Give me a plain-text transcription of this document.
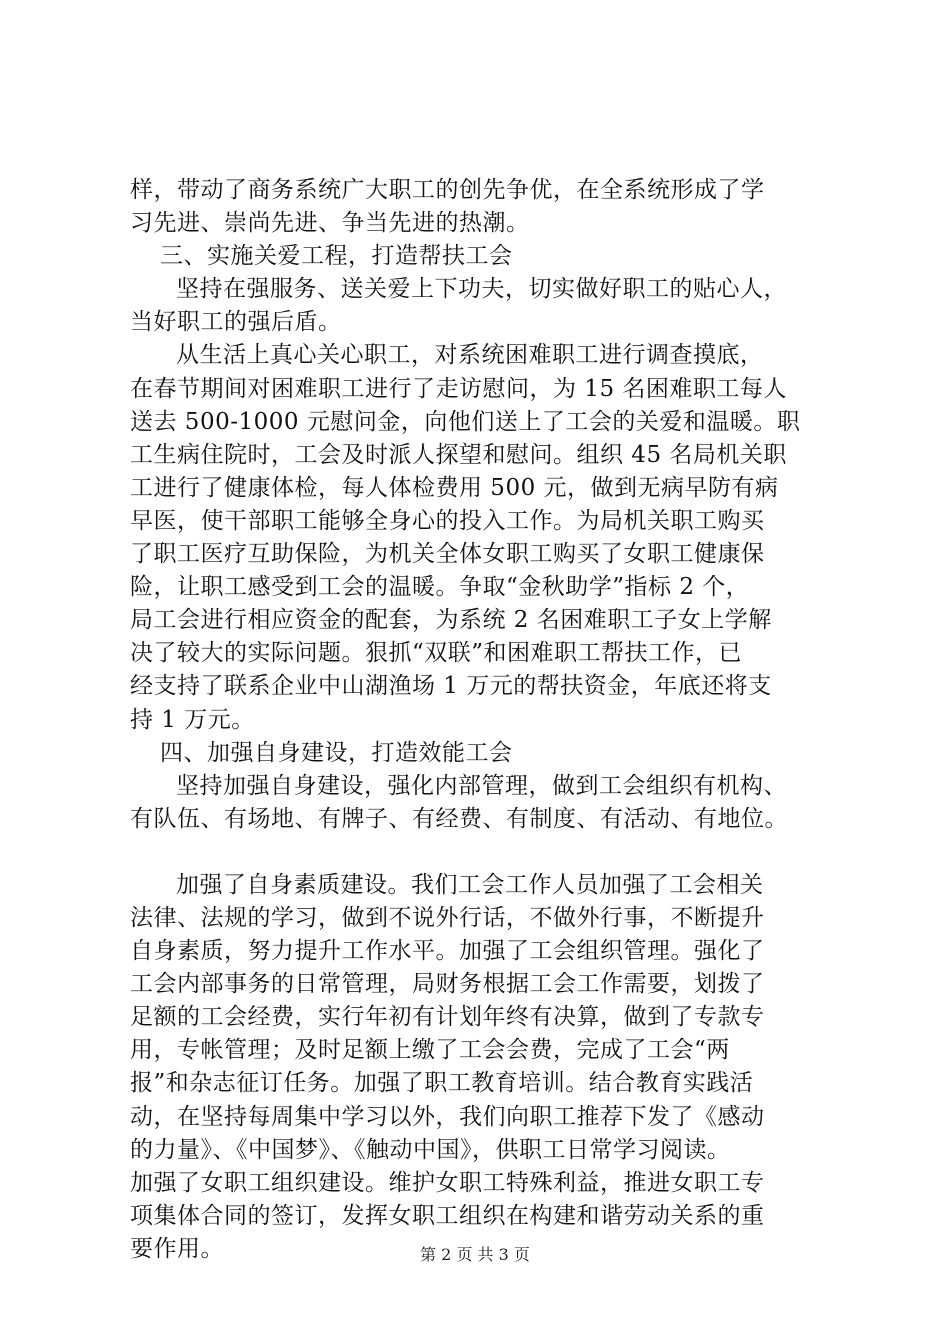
样，带动了商务系统广大职工的创先争优，在全系统形成了学
习先进、崇尚先进、争当先进的热潮。
三、实施关爱工程，打造帮扶工会
坚持在强服务、送关爱上下功夫，切实做好职工的贴心人，
当好职工的强后盾。
从生活上真心关心职工，对系统困难职工进行调查摸底，
在春节期间对困难职工进行了走访慰问，为 15 名困难职工每人
送去 500-1000 元慰问金，向他们送上了工会的关爱和温暖。职
工生病住院时，工会及时派人探望和慰问。组织 45 名局机关职
工进行了健康体检，每人体检费用 500 元，做到无病早防有病
早医，使干部职工能够全身心的投入工作。为局机关职工购买
了职工医疗互助保险，为机关全体女职工购买了女职工健康保
险，让职工感受到工会的温暖。争取“金秋助学”指标 2 个，
局工会进行相应资金的配套，为系统 2 名困难职工子女上学解
决了较大的实际问题。狠抓“双联”和困难职工帮扶工作，已
经支持了联系企业中山湖渔场 1 万元的帮扶资金，年底还将支
持 1 万元。
四、加强自身建设，打造效能工会
坚持加强自身建设，强化内部管理，做到工会组织有机构、
有队伍、有场地、有牌子、有经费、有制度、有活动、有地位。
加强了自身素质建设。我们工会工作人员加强了工会相关
法律、法规的学习，做到不说外行话，不做外行事，不断提升
自身素质，努力提升工作水平。加强了工会组织管理。强化了
工会内部事务的日常管理，局财务根据工会工作需要，划拨了
足额的工会经费，实行年初有计划年终有决算，做到了专款专
用，专帐管理；及时足额上缴了工会会费，完成了工会“两
报”和杂志征订任务。加强了职工教育培训。结合教育实践活
动，在坚持每周集中学习以外，我们向职工推荐下发了《感动
的力量》、《中国梦》、《触动中国》，供职工日常学习阅读。
加强了女职工组织建设。维护女职工特殊利益，推进女职工专
项集体合同的签订，发挥女职工组织在构建和谐劳动关系的重
要作用。	第 2 页 共 3 页
